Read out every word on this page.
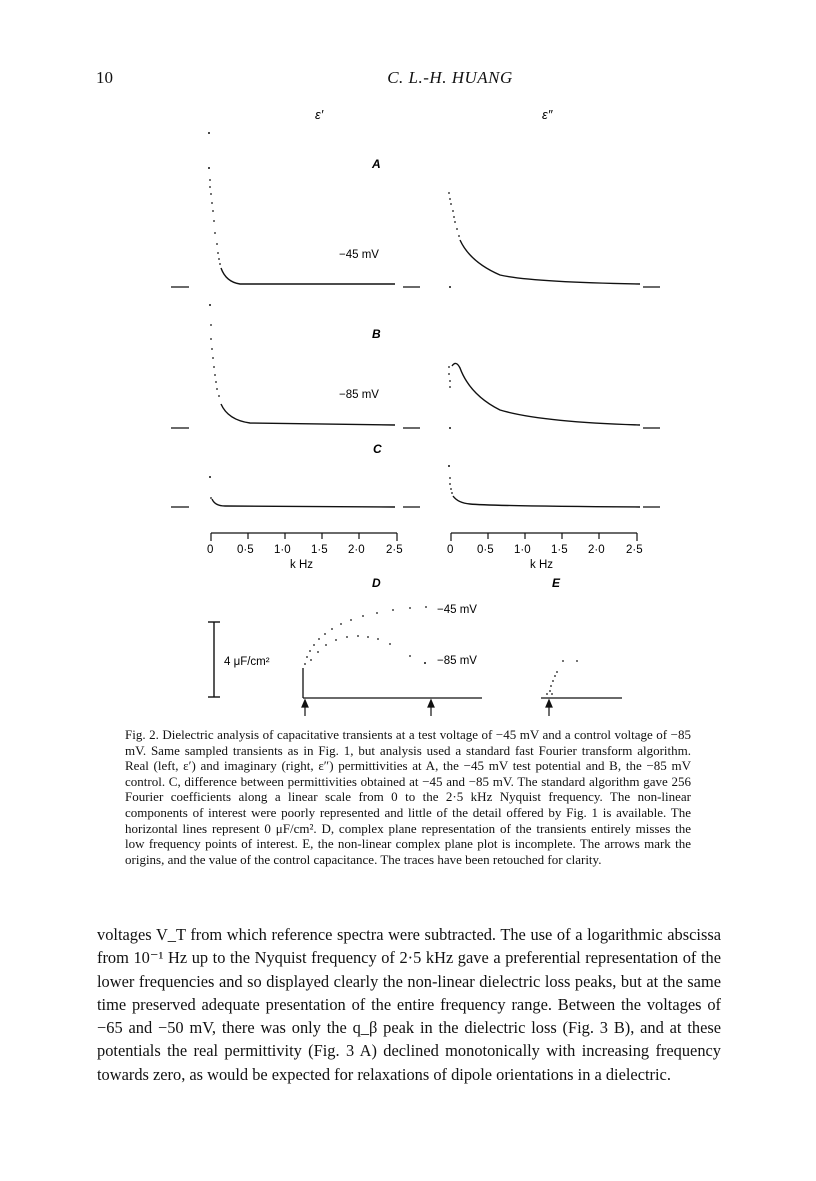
10	C. L.-H. HUANG
ε′	ε″
A
B
C
D	E
−45 mV
−85 mV
0 0·5 1·0 1·5 2·0 2·5
k Hz
0 0·5 1·0 1·5 2·0 2·5
k Hz
4 μF/cm²
−45 mV
−85 mV
Fig. 2. Dielectric analysis of capacitative transients at a test voltage of −45 mV and a control voltage of −85 mV. Same sampled transients as in Fig. 1, but analysis used a standard fast Fourier transform algorithm. Real (left, ε′) and imaginary (right, ε″) permittivities at A, the −45 mV test potential and B, the −85 mV control. C, difference between permittivities obtained at −45 and −85 mV. The standard algorithm gave 256 Fourier coefficients along a linear scale from 0 to the 2·5 kHz Nyquist frequency. The non-linear components of interest were poorly represented and little of the detail offered by Fig. 1 is available. The horizontal lines represent 0 μF/cm². D, complex plane representation of the transients entirely misses the low frequency points of interest. E, the non-linear complex plane plot is incomplete. The arrows mark the origins, and the value of the control capacitance. The traces have been retouched for clarity.
voltages V_T from which reference spectra were subtracted. The use of a logarithmic abscissa from 10⁻¹ Hz up to the Nyquist frequency of 2·5 kHz gave a preferential representation of the lower frequencies and so displayed clearly the non-linear dielectric loss peaks, but at the same time preserved adequate presentation of the entire frequency range. Between the voltages of −65 and −50 mV, there was only the q_β peak in the dielectric loss (Fig. 3 B), and at these potentials the real permittivity (Fig. 3 A) declined monotonically with increasing frequency towards zero, as would be expected for relaxations of dipole orientations in a dielectric.
